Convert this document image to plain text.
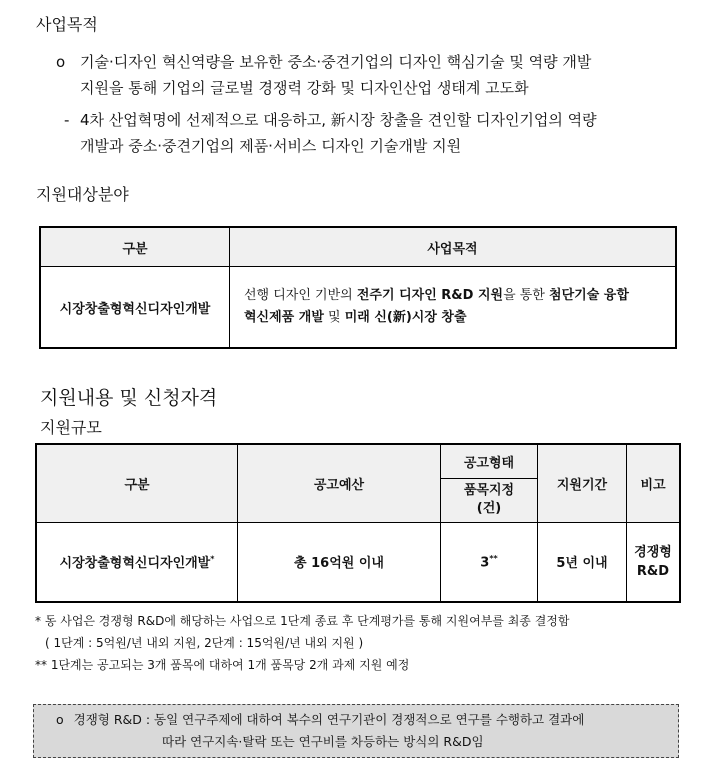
사업목적
o 기술·디자인 혁신역량을 보유한 중소·중견기업의 디자인 핵심기술 및 역량 개발
지원을 통해 기업의 글로벌 경쟁력 강화 및 디자인산업 생태계 고도화
- 4차 산업혁명에 선제적으로 대응하고, 新시장 창출을 견인할 디자인기업의 역량
개발과 중소·중견기업의 제품·서비스 디자인 기술개발 지원
지원대상분야
구분	사업목적
시장창출형혁신디자인개발	선행 디자인 기반의 전주기 디자인 R&D 지원을 통한 첨단기술 융합
혁신제품 개발 및 미래 신(新)시장 창출
지원내용 및 신청자격
지원규모
구분	공고예산	공고형태	지원기간	비고
		품목지정
(건)		
시장창출형혁신디자인개발*	총 16억원 이내	3**	5년 이내	경쟁형
R&D
* 동 사업은 경쟁형 R&D에 해당하는 사업으로 1단계 종료 후 단계평가를 통해 지원여부를 최종 결정함
( 1단계 : 5억원/년 내외 지원, 2단계 : 15억원/년 내외 지원 )
** 1단계는 공고되는 3개 품목에 대하여 1개 품목당 2개 과제 지원 예정
o 경쟁형 R&D : 동일 연구주제에 대하여 복수의 연구기관이 경쟁적으로 연구를 수행하고 결과에
따라 연구지속·탈락 또는 연구비를 차등하는 방식의 R&D임
